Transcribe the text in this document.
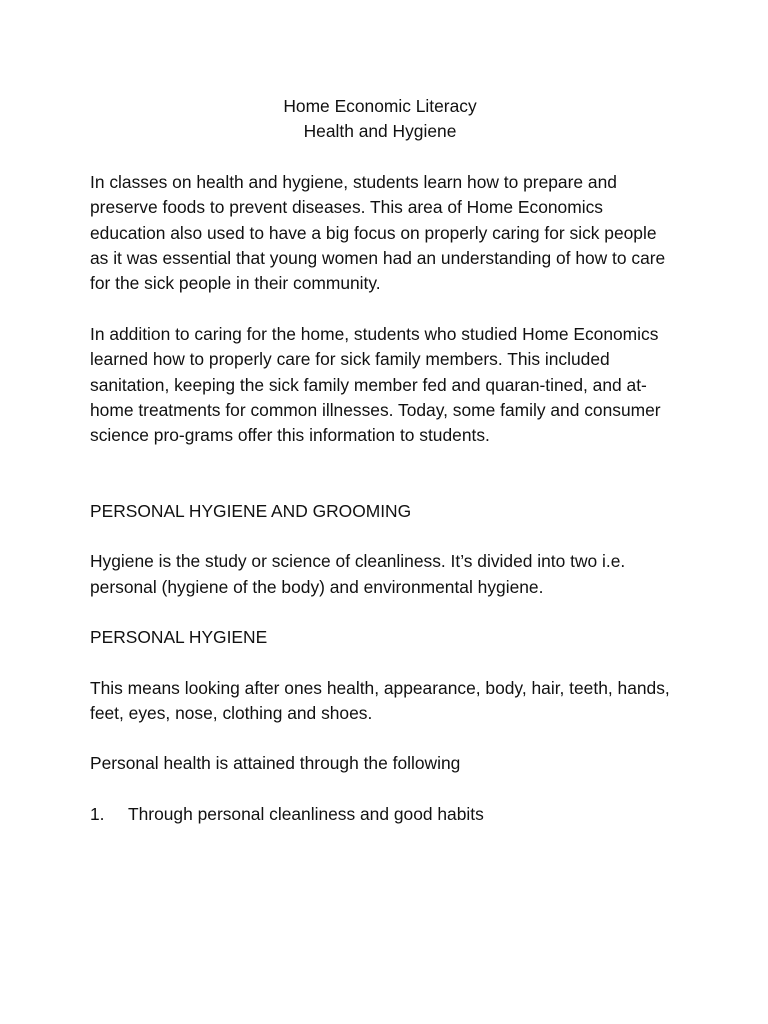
Home Economic Literacy
Health and Hygiene

In classes on health and hygiene, students learn how to prepare and preserve foods to prevent diseases. This area of Home Economics education also used to have a big focus on properly caring for sick people as it was essential that young women had an understanding of how to care for the sick people in their community.

In addition to caring for the home, students who studied Home Economics learned how to properly care for sick family members. This included sanitation, keeping the sick family member fed and quaran-tined, and at-home treatments for common illnesses. Today, some family and consumer science pro-grams offer this information to students.

PERSONAL HYGIENE AND GROOMING

Hygiene is the study or science of cleanliness. It’s divided into two i.e. personal (hygiene of the body) and environmental hygiene.

PERSONAL HYGIENE

This means looking after ones health, appearance, body, hair, teeth, hands, feet, eyes, nose, clothing and shoes.

Personal health is attained through the following

1.	Through personal cleanliness and good habits
